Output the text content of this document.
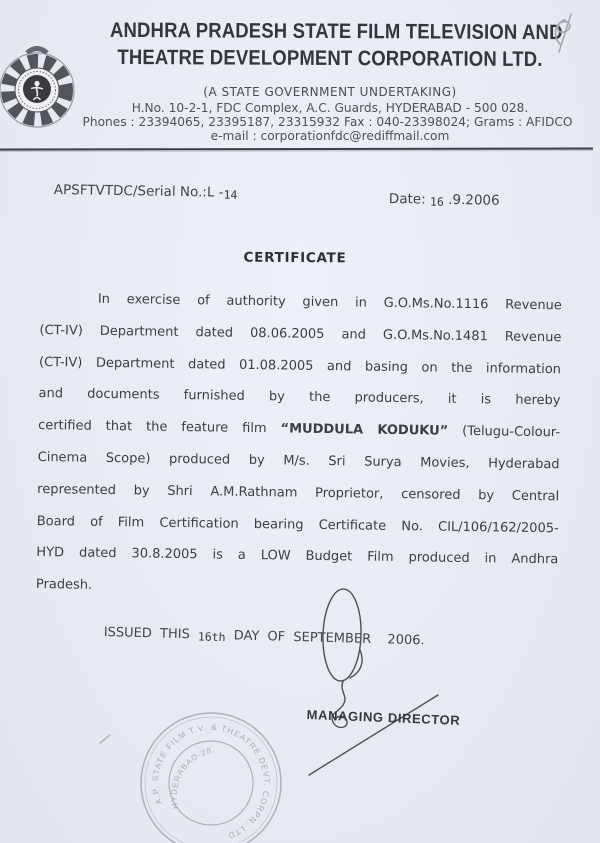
ANDHRA PRADESH STATE FILM TELEVISION AND
THEATRE DEVELOPMENT CORPORATION LTD.
(A STATE GOVERNMENT UNDERTAKING)
H.No. 10-2-1, FDC Complex, A.C. Guards, HYDERABAD - 500 028.
Phones : 23394065, 23395187, 23315932 Fax : 040-23398024; Grams : AFIDCO
e-mail : corporationfdc@rediffmail.com
APSFTVTDC/Serial No.:L -14	Date: 16 .9.2006
CERTIFICATE
In exercise of authority given in G.O.Ms.No.1116 Revenue
(CT-IV) Department dated 08.06.2005 and G.O.Ms.No.1481 Revenue
(CT-IV) Department dated 01.08.2005 and basing on the information
and documents furnished by the producers, it is hereby
certified that the feature film “MUDDULA KODUKU” (Telugu-Colour-
Cinema Scope) produced by M/s. Sri Surya Movies, Hyderabad
represented by Shri A.M.Rathnam Proprietor, censored by Central
Board of Film Certification bearing Certificate No. CIL/106/162/2005-
HYD dated 30.8.2005 is a LOW Budget Film produced in Andhra
Pradesh.
ISSUED THIS 16th DAY OF SEPTEMBER  2006.
MANAGING DIRECTOR
A.P. STATE FILM T.V. & THEATRE DEVT. CORPN. LTD.
HYDERABAD-28.
